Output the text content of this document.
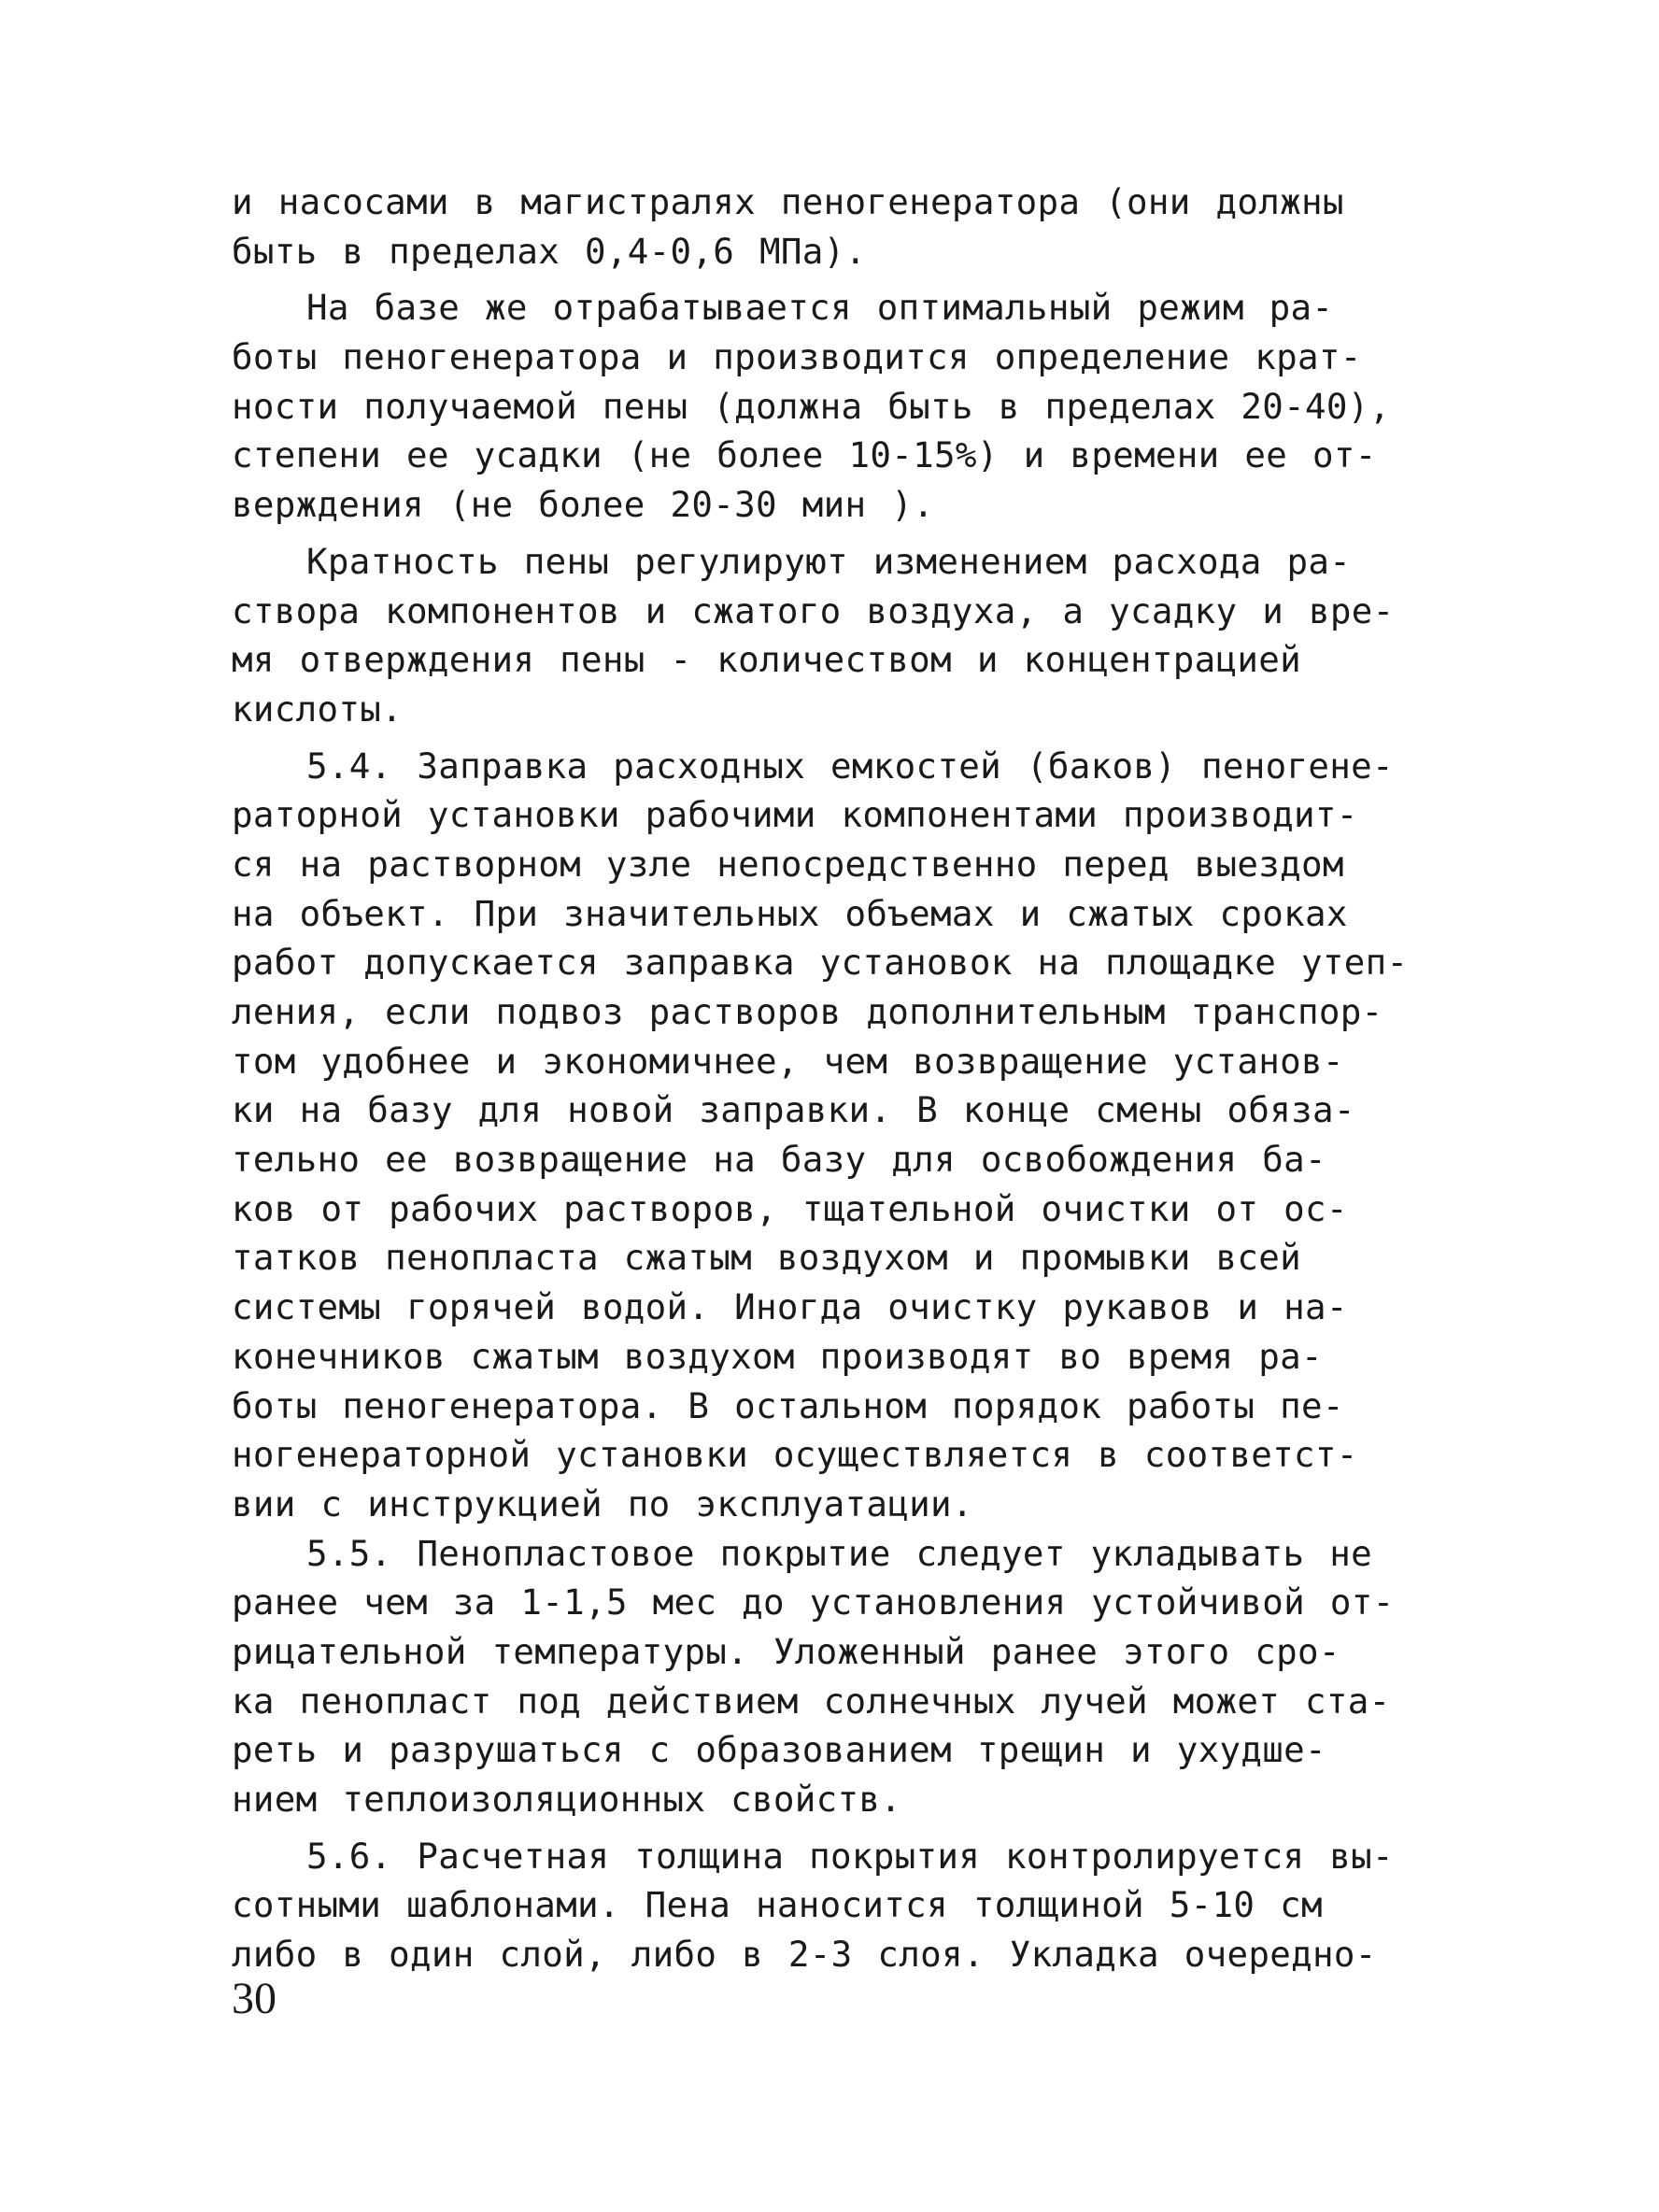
и насосами в магистралях пеногенератора (они должны
быть в пределах 0,4-0,6 МПа).
На базе же отрабатывается оптимальный режим ра-
боты пеногенератора и производится определение крат-
ности получаемой пены (должна быть в пределах 20-40),
степени ее усадки (не более 10-15%) и времени ее от-
верждения (не более 20-30 мин ).
Кратность пены регулируют изменением расхода ра-
створа компонентов и сжатого воздуха, а усадку и вре-
мя отверждения пены - количеством и концентрацией
кислоты.
5.4. Заправка расходных емкостей (баков) пеногене-
раторной установки рабочими компонентами производит-
ся на растворном узле непосредственно перед выездом
на объект. При значительных объемах и сжатых сроках
работ допускается заправка установок на площадке утеп-
ления, если подвоз растворов дополнительным транспор-
том удобнее и экономичнее, чем возвращение установ-
ки на базу для новой заправки. В конце смены обяза-
тельно ее возвращение на базу для освобождения ба-
ков от рабочих растворов, тщательной очистки от ос-
татков пенопласта сжатым воздухом и промывки всей
системы горячей водой. Иногда очистку рукавов и на-
конечников сжатым воздухом производят во время ра-
боты пеногенератора. В остальном порядок работы пе-
ногенераторной установки осуществляется в соответст-
вии с инструкцией по эксплуатации.
5.5. Пенопластовое покрытие следует укладывать не
ранее чем за 1-1,5 мес до установления устойчивой от-
рицательной температуры. Уложенный ранее этого сро-
ка пенопласт под действием солнечных лучей может ста-
реть и разрушаться с образованием трещин и ухудше-
нием теплоизоляционных свойств.
5.6. Расчетная толщина покрытия контролируется вы-
сотными шаблонами. Пена наносится толщиной 5-10 см
либо в один слой, либо в 2-3 слоя. Укладка очередно-
30
